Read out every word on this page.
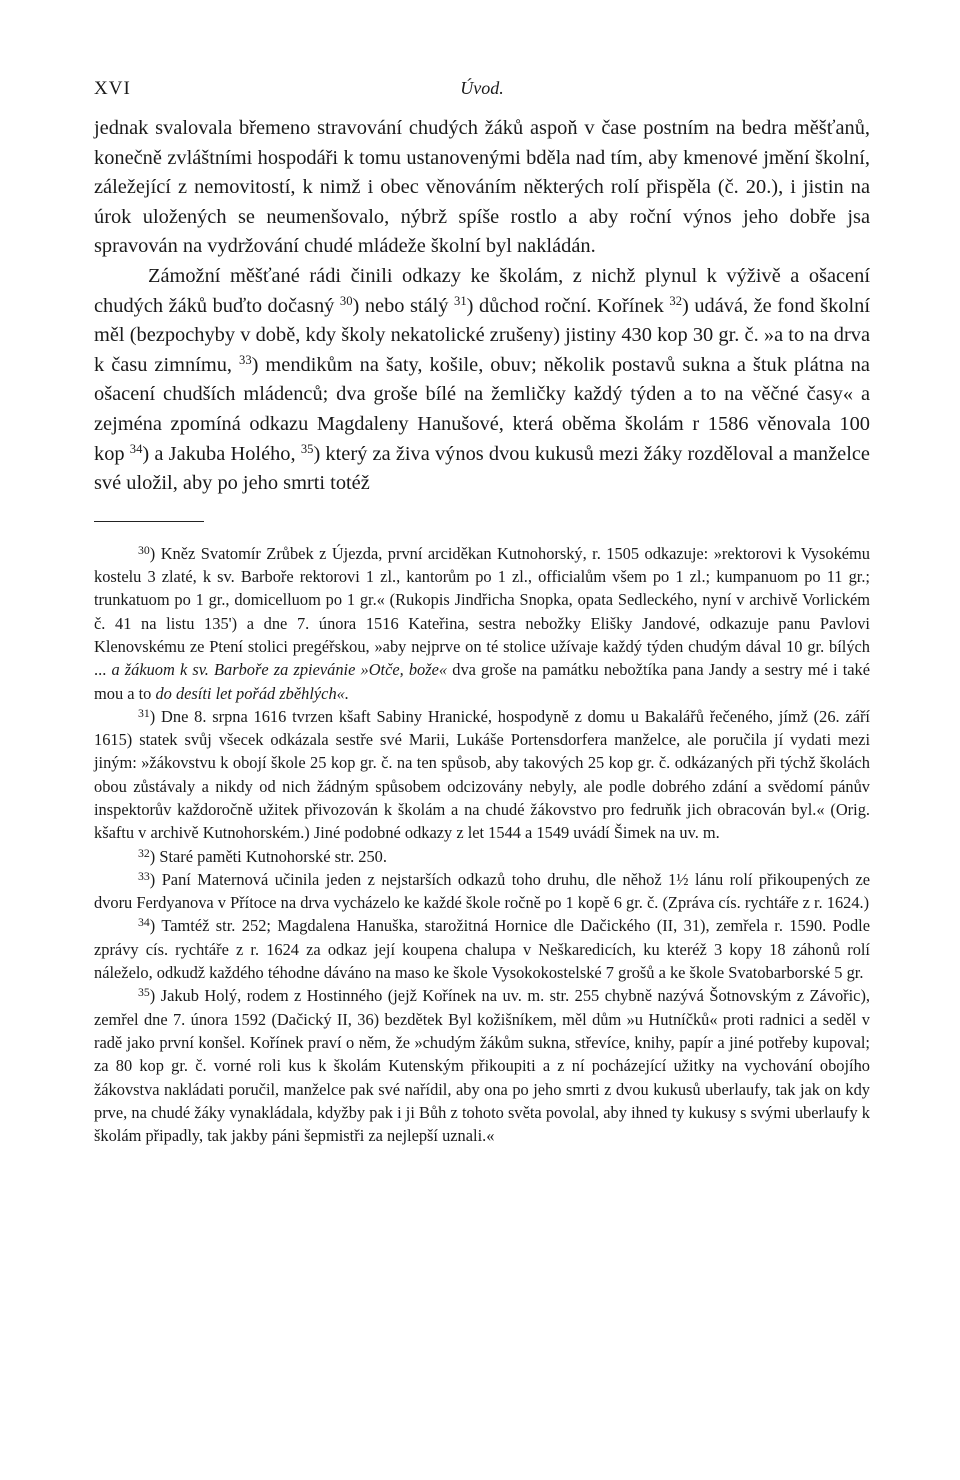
XVI	Úvod.

jednak svalovala břemeno stravování chudých žáků aspoň v čase postním na bedra měšťanů, konečně zvláštními hospodáři k tomu ustanovenými bděla nad tím, aby kmenové jmění školní, záležející z nemovitostí, k nimž i obec věnováním některých rolí přispěla (č. 20.), i jistin na úrok uložených se neumenšovalo, nýbrž spíše rostlo a aby roční výnos jeho dobře jsa spravován na vydržování chudé mládeže školní byl nakládán.

Zámožní měšťané rádi činili odkazy ke školám, z nichž plynul k výživě a ošacení chudých žáků buďto dočasný $^{30}$) nebo stálý $^{31}$) důchod roční. Kořínek $^{32}$) udává, že fond školní měl (bezpochyby v době, kdy školy nekatolické zrušeny) jistiny 430 kop 30 gr. č. »a to na drva k času zimnímu, $^{33}$) mendikům na šaty, košile, obuv; několik postavů sukna a štuk plátna na ošacení chudších mládenců; dva groše bílé na žemličky každý týden a to na věčné časy« a zejména zpomíná odkazu Magdaleny Hanušové, která oběma školám r 1586 věnovala 100 kop $^{34}$) a Jakuba Holého, $^{35}$) který za živa výnos dvou kukusů mezi žáky rozděloval a manželce své uložil, aby po jeho smrti totéž

$^{30}$) Kněz Svatomír Zrůbek z Újezda, první arciděkan Kutnohorský, r. 1505 odkazuje: »rektorovi k Vysokému kostelu 3 zlaté, k sv. Barboře rektorovi 1 zl., kantorům po 1 zl., officialům všem po 1 zl.; kumpanuom po 11 gr.; trunkatuom po 1 gr., domicelluom po 1 gr.« (Rukopis Jindřicha Snopka, opata Sedleckého, nyní v archivě Vorlickém č. 41 na listu 135') a dne 7. února 1516 Kateřina, sestra nebožky Elišky Jandové, odkazuje panu Pavlovi Klenovskému ze Ptení stolici pregéřskou, »aby nejprve on té stolice užívaje každý týden chudým dával 10 gr. bílých ... a žákuom k sv. Barboře za zpievánie »Otče, bože« dva groše na památku nebožtíka pana Jandy a sestry mé i také mou a to do desíti let pořád zběhlých«.

$^{31}$) Dne 8. srpna 1616 tvrzen kšaft Sabiny Hranické, hospodyně z domu u Bakalářů řečeného, jímž (26. září 1615) statek svůj všecek odkázala sestře své Marii, Lukáše Portensdorfera manželce, ale poručila jí vydati mezi jiným: »žákovstvu k obojí škole 25 kop gr. č. na ten spůsob, aby takových 25 kop gr. č. odkázaných při týchž školách obou zůstávaly a nikdy od nich žádným spůsobem odcizovány nebyly, ale podle dobrého zdání a svědomí pánův inspektorův každoročně užitek přivozován k školám a na chudé žákovstvo pro fedruňk jich obracován byl.« (Orig. kšaftu v archivě Kutnohorském.) Jiné podobné odkazy z let 1544 a 1549 uvádí Šimek na uv. m.

$^{32}$) Staré paměti Kutnohorské str. 250.

$^{33}$) Paní Maternová učinila jeden z nejstarších odkazů toho druhu, dle něhož 1½ lánu rolí přikoupených ze dvoru Ferdyanova v Přítoce na drva vycházelo ke každé škole ročně po 1 kopě 6 gr. č. (Zpráva cís. rychtáře z r. 1624.)

$^{34}$) Tamtéž str. 252; Magdalena Hanuška, starožitná Hornice dle Dačického (II, 31), zemřela r. 1590. Podle zprávy cís. rychtáře z r. 1624 za odkaz její koupena chalupa v Neškaredicích, ku kteréž 3 kopy 18 záhonů rolí náleželo, odkudž každého téhodne dáváno na maso ke škole Vysokokostelské 7 grošů a ke škole Svatobarborské 5 gr.

$^{35}$) Jakub Holý, rodem z Hostinného (jejž Kořínek na uv. m. str. 255 chybně nazývá Šotnovským z Závořic), zemřel dne 7. února 1592 (Dačický II, 36) bezdětek Byl kožišníkem, měl dům »u Hutníčků« proti radnici a seděl v radě jako první konšel. Kořínek praví o něm, že »chudým žákům sukna, střevíce, knihy, papír a jiné potřeby kupoval; za 80 kop gr. č. vorné roli kus k školám Kutenským přikoupiti a z ní pocházející užitky na vychování obojího žákovstva nakládati poručil, manželce pak své nařídil, aby ona po jeho smrti z dvou kukusů uberlaufy, tak jak on kdy prve, na chudé žáky vynakládala, kdyžby pak i ji Bůh z tohoto světa povolal, aby ihned ty kukusy s svými uberlaufy k školám připadly, tak jakby páni šepmistři za nejlepší uznali.«
